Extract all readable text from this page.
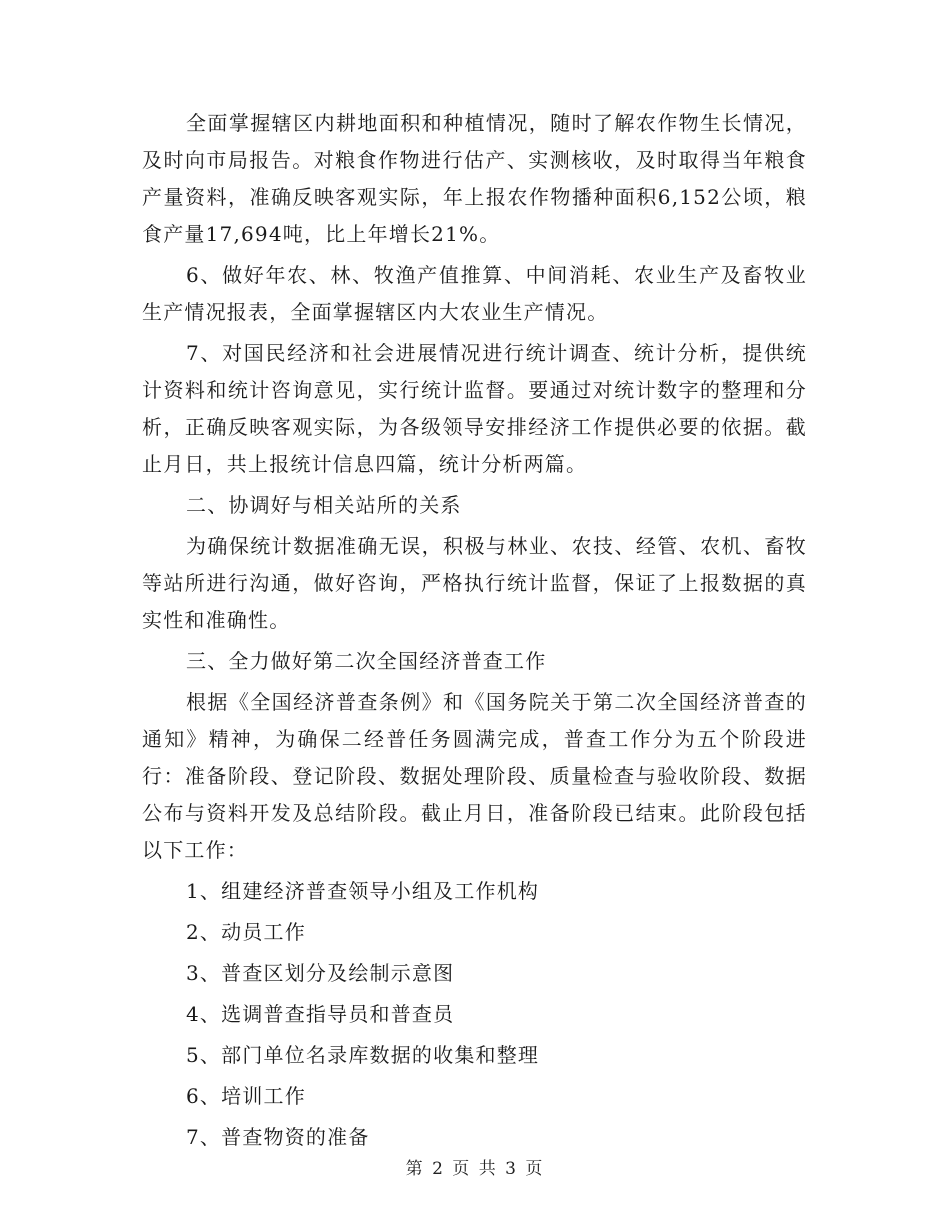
全面掌握辖区内耕地面积和种植情况，随时了解农作物生长情况，及时向市局报告。对粮食作物进行估产、实测核收，及时取得当年粮食产量资料，准确反映客观实际，年上报农作物播种面积6,152公顷，粮食产量17,694吨，比上年增长21%。

6、做好年农、林、牧渔产值推算、中间消耗、农业生产及畜牧业生产情况报表，全面掌握辖区内大农业生产情况。

7、对国民经济和社会进展情况进行统计调查、统计分析，提供统计资料和统计咨询意见，实行统计监督。要通过对统计数字的整理和分析，正确反映客观实际，为各级领导安排经济工作提供必要的依据。截止月日，共上报统计信息四篇，统计分析两篇。

二、协调好与相关站所的关系

为确保统计数据准确无误，积极与林业、农技、经管、农机、畜牧等站所进行沟通，做好咨询，严格执行统计监督，保证了上报数据的真实性和准确性。

三、全力做好第二次全国经济普查工作

根据《全国经济普查条例》和《国务院关于第二次全国经济普查的通知》精神，为确保二经普任务圆满完成，普查工作分为五个阶段进行：准备阶段、登记阶段、数据处理阶段、质量检查与验收阶段、数据公布与资料开发及总结阶段。截止月日，准备阶段已结束。此阶段包括以下工作：

1、组建经济普查领导小组及工作机构

2、动员工作

3、普查区划分及绘制示意图

4、选调普查指导员和普查员

5、部门单位名录库数据的收集和整理

6、培训工作

7、普查物资的准备

第 2 页 共 3 页
